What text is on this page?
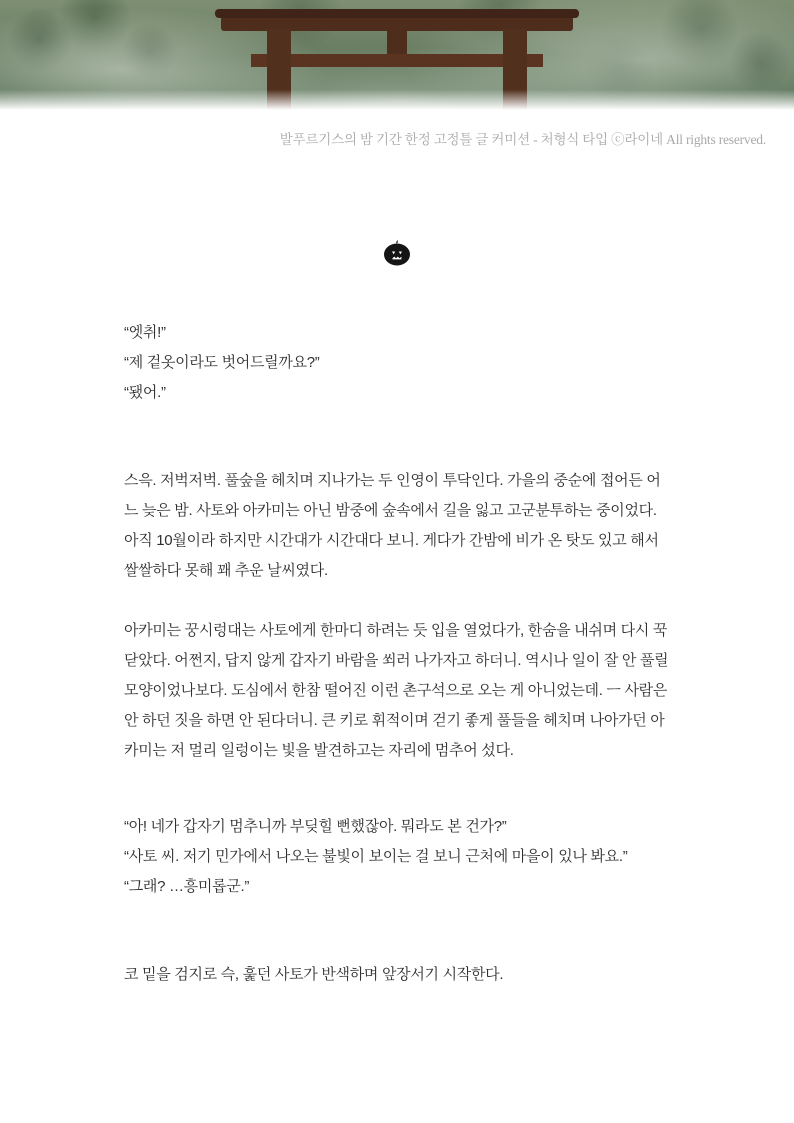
발푸르기스의 밤 기간 한정 고정틀 글 커미션 - 처형식 타입 ⓒ라이네 All rights reserved.

“엣취!”

“제 겉옷이라도 벗어드릴까요?”

“됐어.”

스윽. 저벅저벅. 풀숲을 헤치며 지나가는 두 인영이 투닥인다. 가을의 중순에 접어든 어느 늦은 밤. 사토와 아카미는 아닌 밤중에 숲속에서 길을 잃고 고군분투하는 중이었다. 아직 10월이라 하지만 시간대가 시간대다 보니. 게다가 간밤에 비가 온 탓도 있고 해서 쌀쌀하다 못해 꽤 추운 날씨였다.

아카미는 꿍시렁대는 사토에게 한마디 하려는 듯 입을 열었다가, 한숨을 내쉬며 다시 꾹 닫았다. 어쩐지, 답지 않게 갑자기 바람을 쐬러 나가자고 하더니. 역시나 일이 잘 안 풀릴 모양이었나보다. 도심에서 한참 떨어진 이런 촌구석으로 오는 게 아니었는데. ㅡ 사람은 안 하던 짓을 하면 안 된다더니. 큰 키로 휘적이며 걷기 좋게 풀들을 헤치며 나아가던 아카미는 저 멀리 일렁이는 빛을 발견하고는 자리에 멈추어 섰다.

“아! 네가 갑자기 멈추니까 부딪힐 뻔했잖아. 뭐라도 본 건가?”

“사토 씨. 저기 민가에서 나오는 불빛이 보이는 걸 보니 근처에 마을이 있나 봐요.”

“그래? …흥미롭군.”

코 밑을 검지로 슥, 훑던 사토가 반색하며 앞장서기 시작한다.
